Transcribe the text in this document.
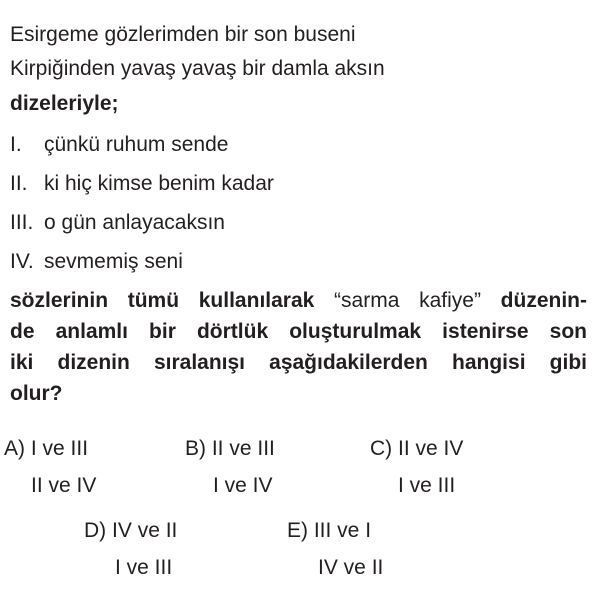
Esirgeme gözlerimden bir son buseni
Kirpiğinden yavaş yavaş bir damla aksın
dizeleriyle;
I. çünkü ruhum sende
II. ki hiç kimse benim kadar
III. o gün anlayacaksın
IV. sevmemiş seni
sözlerinin tümü kullanılarak “sarma kafiye” düzenin-
de anlamlı bir dörtlük oluşturulmak istenirse son
iki dizenin sıralanışı aşağıdakilerden hangisi gibi
olur?
A) I ve III
II ve IV
B) II ve III
I ve IV
C) II ve IV
I ve III
D) IV ve II
I ve III
E) III ve I
IV ve II
